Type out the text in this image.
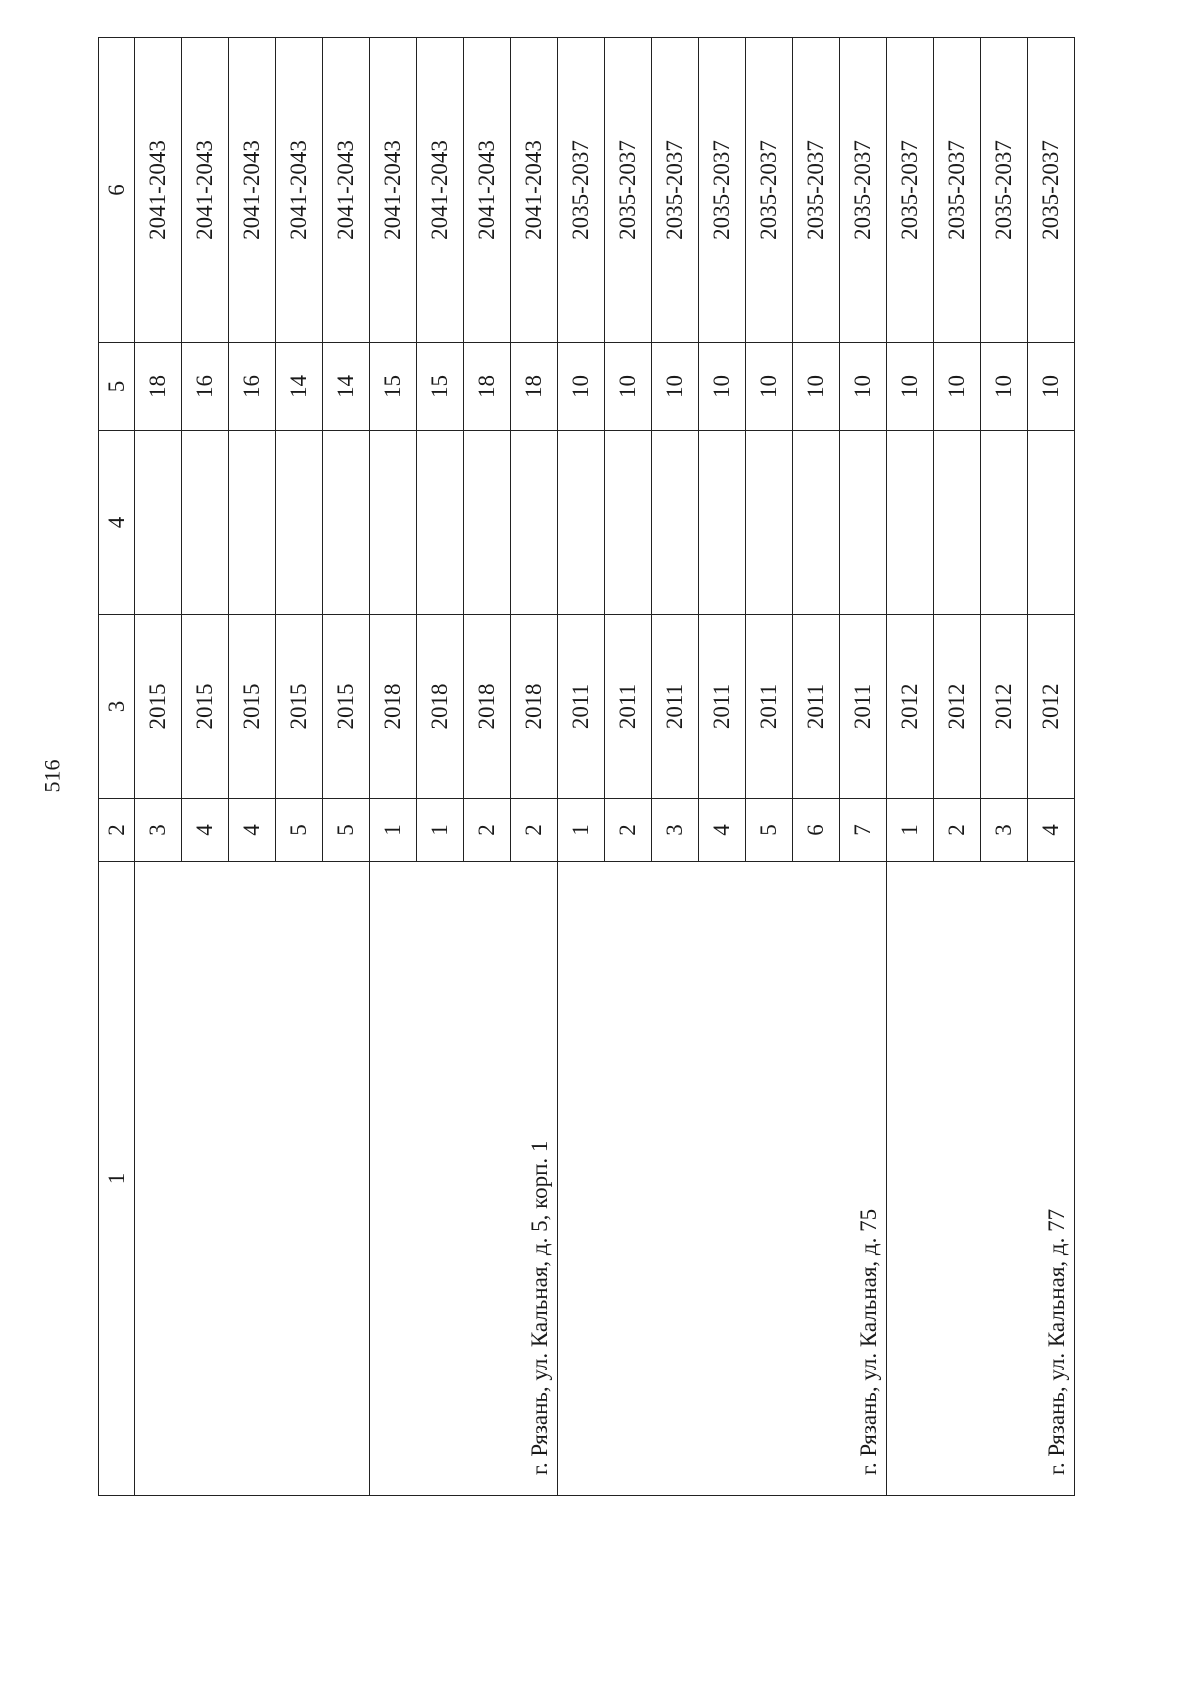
516
1	2	3	4	5	6
	3	2015		18	2041-2043
	4	2015		16	2041-2043
	4	2015		16	2041-2043
	5	2015		14	2041-2043
	5	2015		14	2041-2043
г. Рязань, ул. Кальная, д. 5, корп. 1	1	2018		15	2041-2043
	1	2018		15	2041-2043
	2	2018		18	2041-2043
	2	2018		18	2041-2043
г. Рязань, ул. Кальная, д. 75	1	2011		10	2035-2037
	2	2011		10	2035-2037
	3	2011		10	2035-2037
	4	2011		10	2035-2037
	5	2011		10	2035-2037
	6	2011		10	2035-2037
	7	2011		10	2035-2037
г. Рязань, ул. Кальная, д. 77	1	2012		10	2035-2037
	2	2012		10	2035-2037
	3	2012		10	2035-2037
	4	2012		10	2035-2037
